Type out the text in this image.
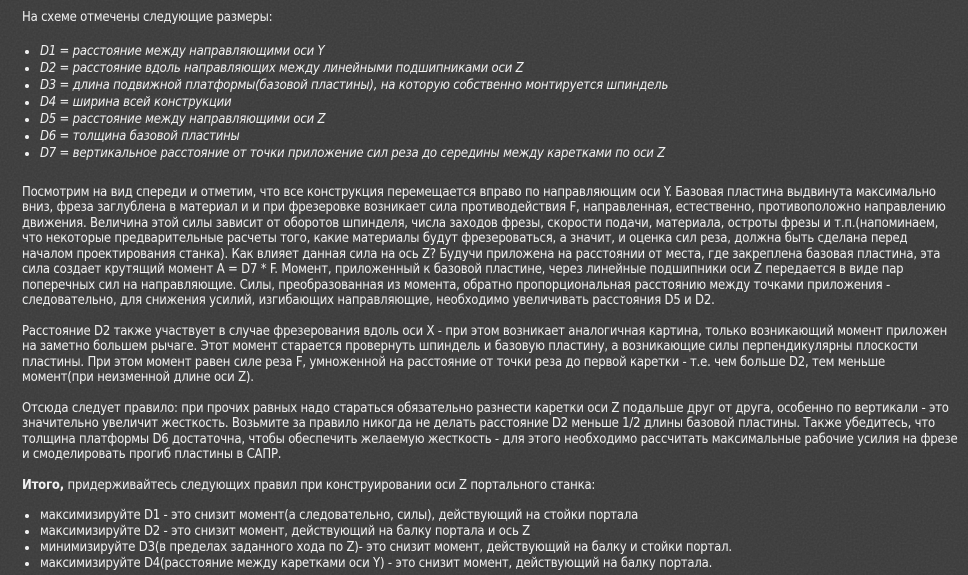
На схеме отмечены следующие размеры:

• D1 = расстояние между направляющими оси Y
• D2 = расстояние вдоль направляющих между линейными подшипниками оси Z
• D3 = длина подвижной платформы(базовой пластины), на которую собственно монтируется шпиндель
• D4 = ширина всей конструкции
• D5 = расстояние между направляющими оси Z
• D6 = толщина базовой пластины
• D7 = вертикальное расстояние от точки приложение сил реза до середины между каретками по оси Z

Посмотрим на вид спереди и отметим, что все конструкция перемещается вправо по направляющим оси Y. Базовая пластина выдвинута максимально вниз, фреза заглублена в материал и и при фрезеровке возникает сила противодействия F, направленная, естественно, противоположно направлению движения. Величина этой силы зависит от оборотов шпинделя, числа заходов фрезы, скорости подачи, материала, остроты фрезы и т.п.(напоминаем, что некоторые предварительные расчеты того, какие материалы будут фрезероваться, а значит, и оценка сил реза, должна быть сделана перед началом проектирования станка). Как влияет данная сила на ось Z? Будучи приложена на расстоянии от места, где закреплена базовая пластина, эта сила создает крутящий момент A = D7 * F. Момент, приложенный к базовой пластине, через линейные подшипники оси Z передается в виде пар поперечных сил на направляющие. Силы, преобразованная из момента, обратно пропорциональная расстоянию между точками приложения - следовательно, для снижения усилий, изгибающих направляющие, необходимо увеличивать расстояния D5 и D2.

Расстояние D2 также участвует в случае фрезерования вдоль оси X - при этом возникает аналогичная картина, только возникающий момент приложен на заметно большем рычаге. Этот момент старается провернуть шпиндель и базовую пластину, а возникающие силы перпендикулярны плоскости пластины. При этом момент равен силе реза F, умноженной на расстояние от точки реза до первой каретки - т.е. чем больше D2, тем меньше момент(при неизменной длине оси Z).

Отсюда следует правило: при прочих равных надо стараться обязательно разнести каретки оси Z подальше друг от друга, особенно по вертикали - это значительно увеличит жесткость. Возьмите за правило никогда не делать расстояние D2 меньше 1/2 длины базовой пластины. Также убедитесь, что толщина платформы D6 достаточна, чтобы обеспечить желаемую жесткость - для этого необходимо рассчитать максимальные рабочие усилия на фрезе и смоделировать прогиб пластины в САПР.

Итого, придерживайтесь следующих правил при конструировании оси Z портального станка:

• максимизируйте D1 - это снизит момент(а следовательно, силы), действующий на стойки портала
• максимизируйте D2 - это снизит момент, действующий на балку портала и ось Z
• минимизируйте D3(в пределах заданного хода по Z)- это снизит момент, действующий на балку и стойки портал.
• максимизируйте D4(расстояние между каретками оси Y) - это снизит момент, действующий на балку портала.
